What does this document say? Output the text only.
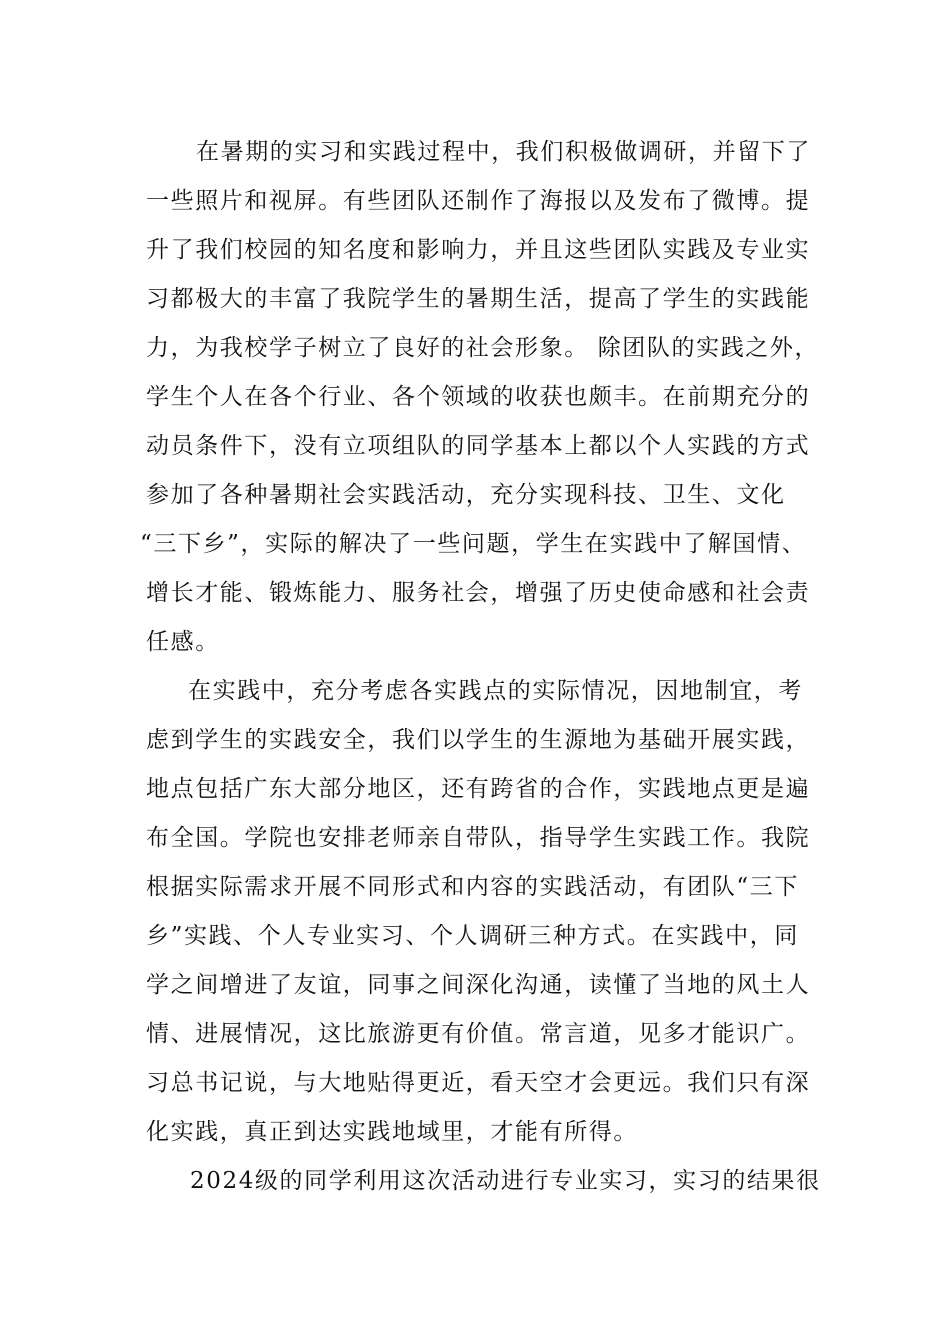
在暑期的实习和实践过程中，我们积极做调研，并留下了
一些照片和视屏。有些团队还制作了海报以及发布了微博。提
升了我们校园的知名度和影响力，并且这些团队实践及专业实
习都极大的丰富了我院学生的暑期生活，提高了学生的实践能
力，为我校学子树立了良好的社会形象。 除团队的实践之外，
学生个人在各个行业、各个领域的收获也颇丰。在前期充分的
动员条件下，没有立项组队的同学基本上都以个人实践的方式
参加了各种暑期社会实践活动，充分实现科技、卫生、文化
“三下乡”，实际的解决了一些问题，学生在实践中了解国情、
增长才能、锻炼能力、服务社会，增强了历史使命感和社会责
任感。
在实践中，充分考虑各实践点的实际情况，因地制宜，考
虑到学生的实践安全，我们以学生的生源地为基础开展实践，
地点包括广东大部分地区，还有跨省的合作，实践地点更是遍
布全国。学院也安排老师亲自带队，指导学生实践工作。我院
根据实际需求开展不同形式和内容的实践活动，有团队“三下
乡”实践、个人专业实习、个人调研三种方式。在实践中，同
学之间增进了友谊，同事之间深化沟通，读懂了当地的风土人
情、进展情况，这比旅游更有价值。常言道，见多才能识广。
习总书记说，与大地贴得更近，看天空才会更远。我们只有深
化实践，真正到达实践地域里，才能有所得。
2024级的同学利用这次活动进行专业实习，实习的结果很
